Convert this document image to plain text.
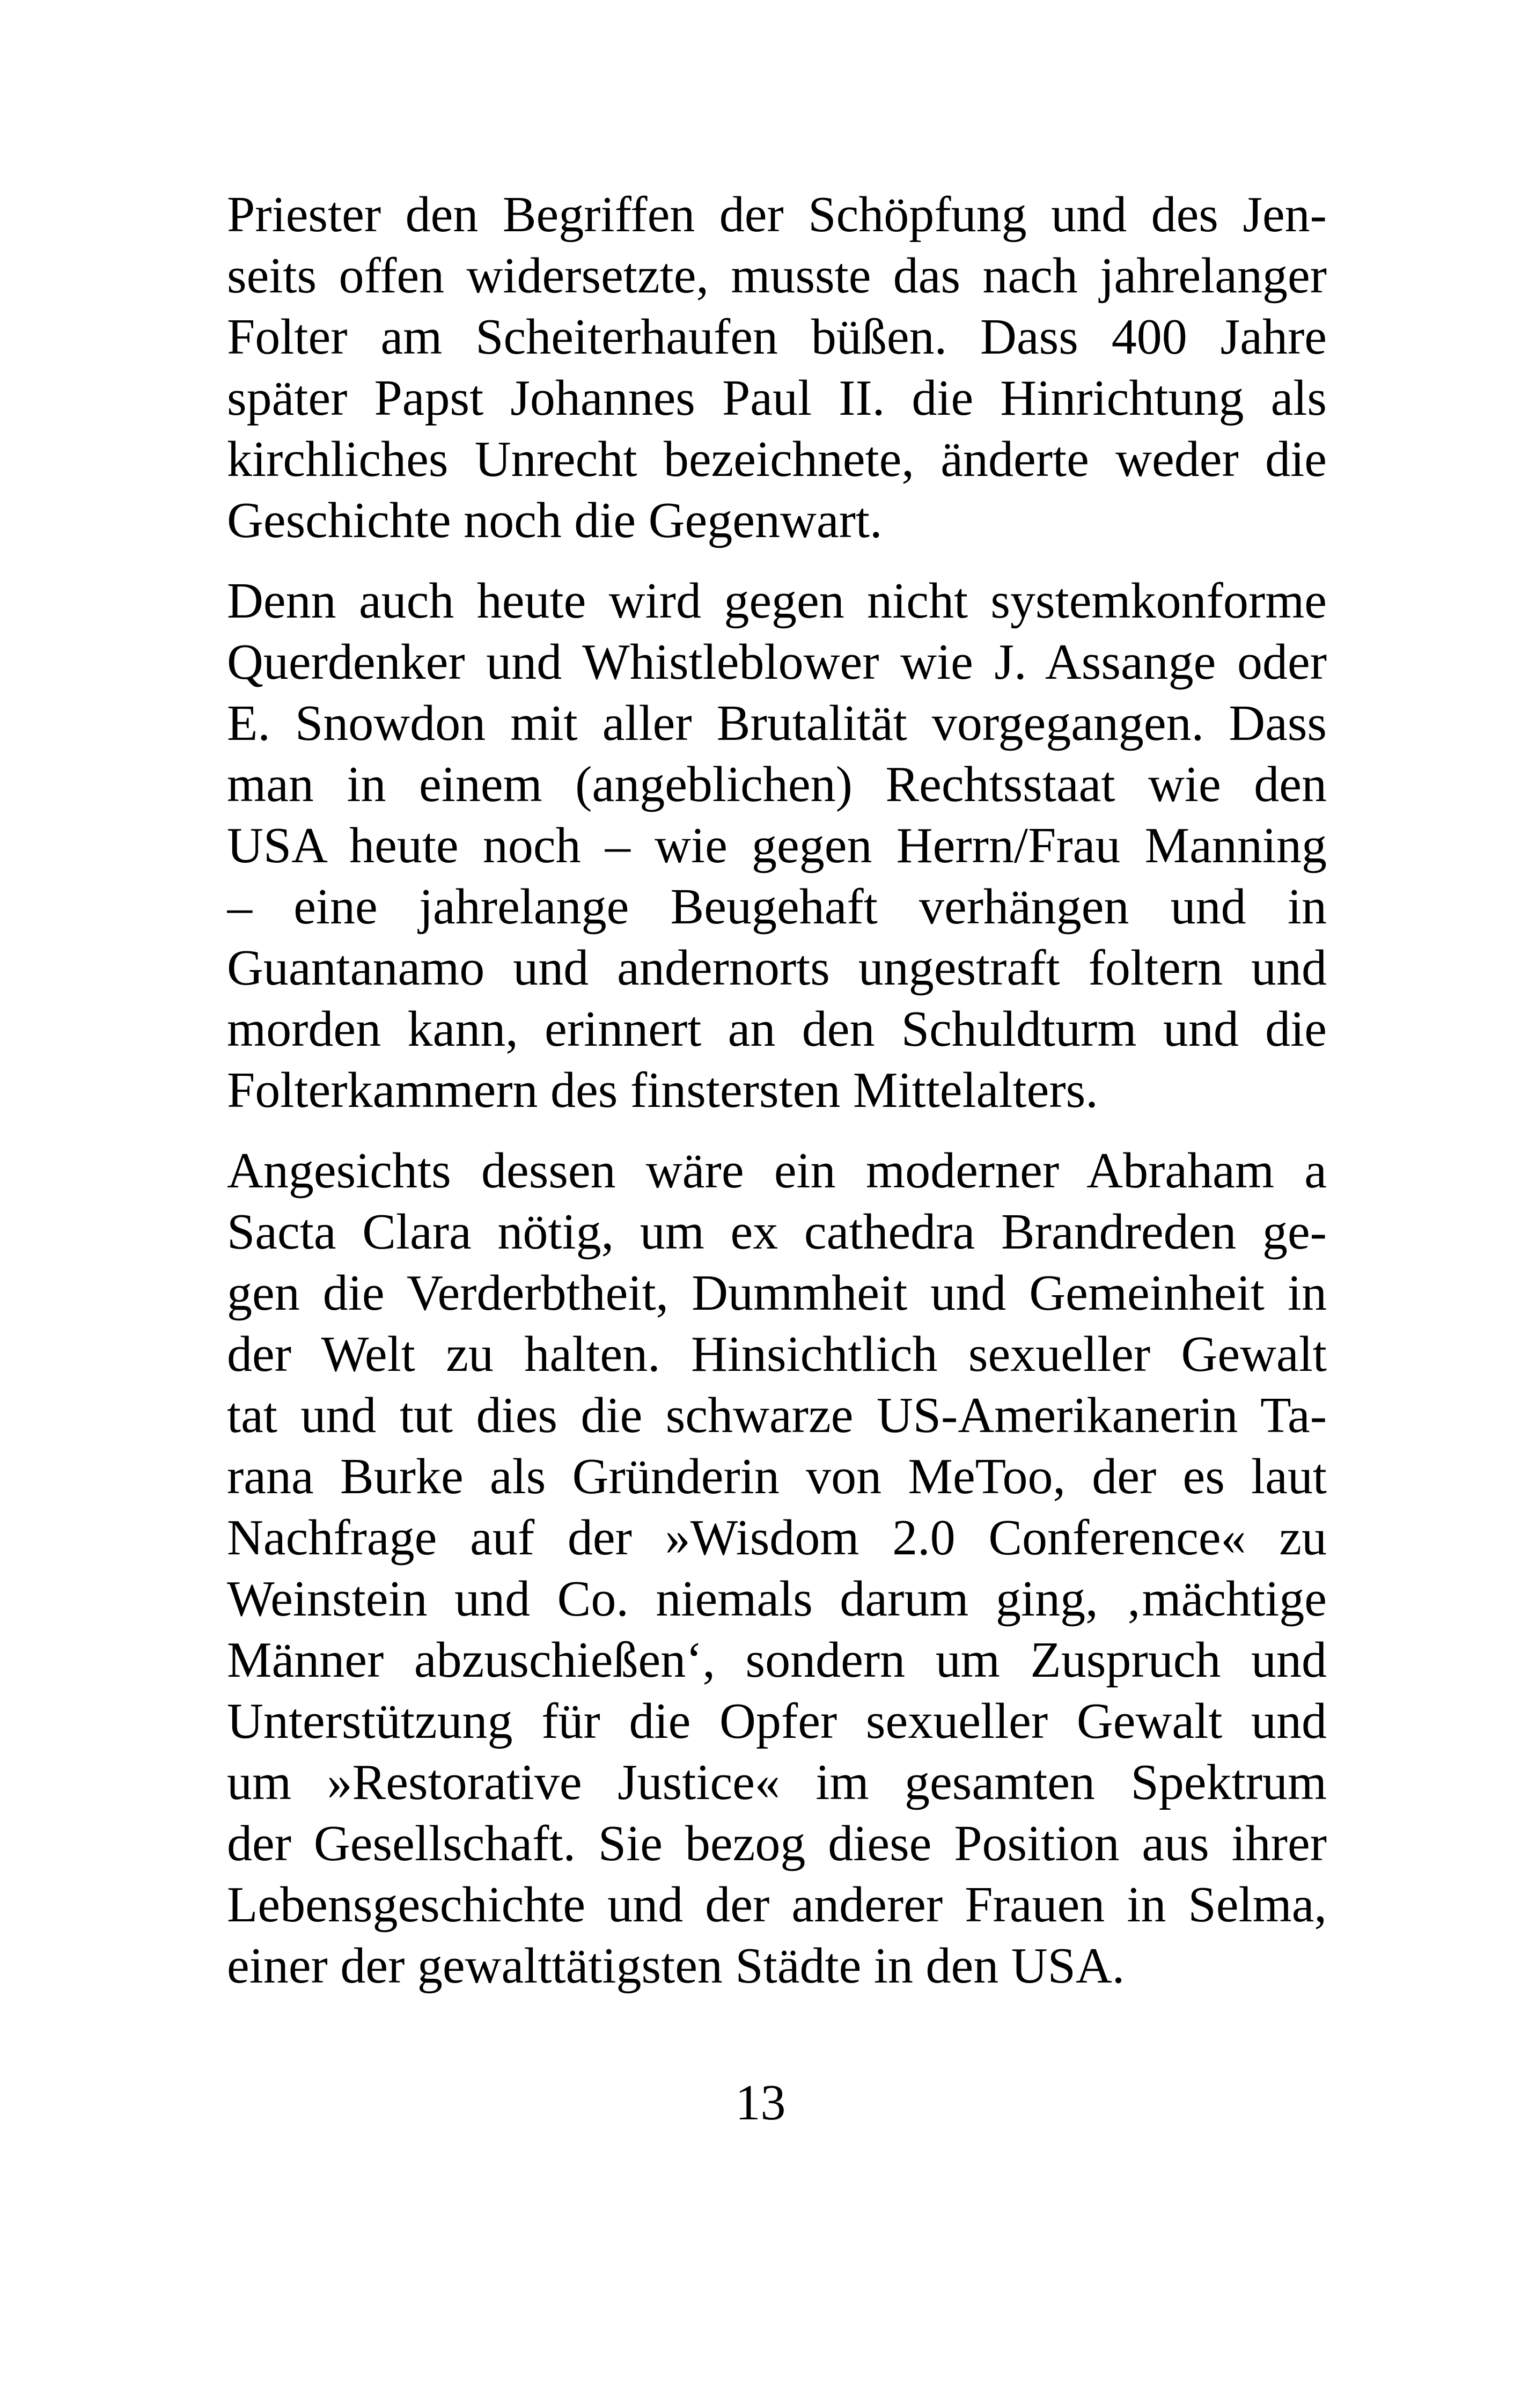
Priester den Begriffen der Schöpfung und des Jen-
seits offen widersetzte, musste das nach jahrelanger
Folter am Scheiterhaufen büßen. Dass 400 Jahre
später Papst Johannes Paul II. die Hinrichtung als
kirchliches Unrecht bezeichnete, änderte weder die
Geschichte noch die Gegenwart.

Denn auch heute wird gegen nicht systemkonforme
Querdenker und Whistleblower wie J. Assange oder
E. Snowdon mit aller Brutalität vorgegangen. Dass
man in einem (angeblichen) Rechtsstaat wie den
USA heute noch – wie gegen Herrn/Frau Manning
– eine jahrelange Beugehaft verhängen und in
Guantanamo und andernorts ungestraft foltern und
morden kann, erinnert an den Schuldturm und die
Folterkammern des finstersten Mittelalters.

Angesichts dessen wäre ein moderner Abraham a
Sacta Clara nötig, um ex cathedra Brandreden ge-
gen die Verderbtheit, Dummheit und Gemeinheit in
der Welt zu halten. Hinsichtlich sexueller Gewalt
tat und tut dies die schwarze US-Amerikanerin Ta-
rana Burke als Gründerin von MeToo, der es laut
Nachfrage auf der »Wisdom 2.0 Conference« zu
Weinstein und Co. niemals darum ging, ‚mächtige
Männer abzuschießen‘, sondern um Zuspruch und
Unterstützung für die Opfer sexueller Gewalt und
um »Restorative Justice« im gesamten Spektrum
der Gesellschaft. Sie bezog diese Position aus ihrer
Lebensgeschichte und der anderer Frauen in Selma,
einer der gewalttätigsten Städte in den USA.

13
